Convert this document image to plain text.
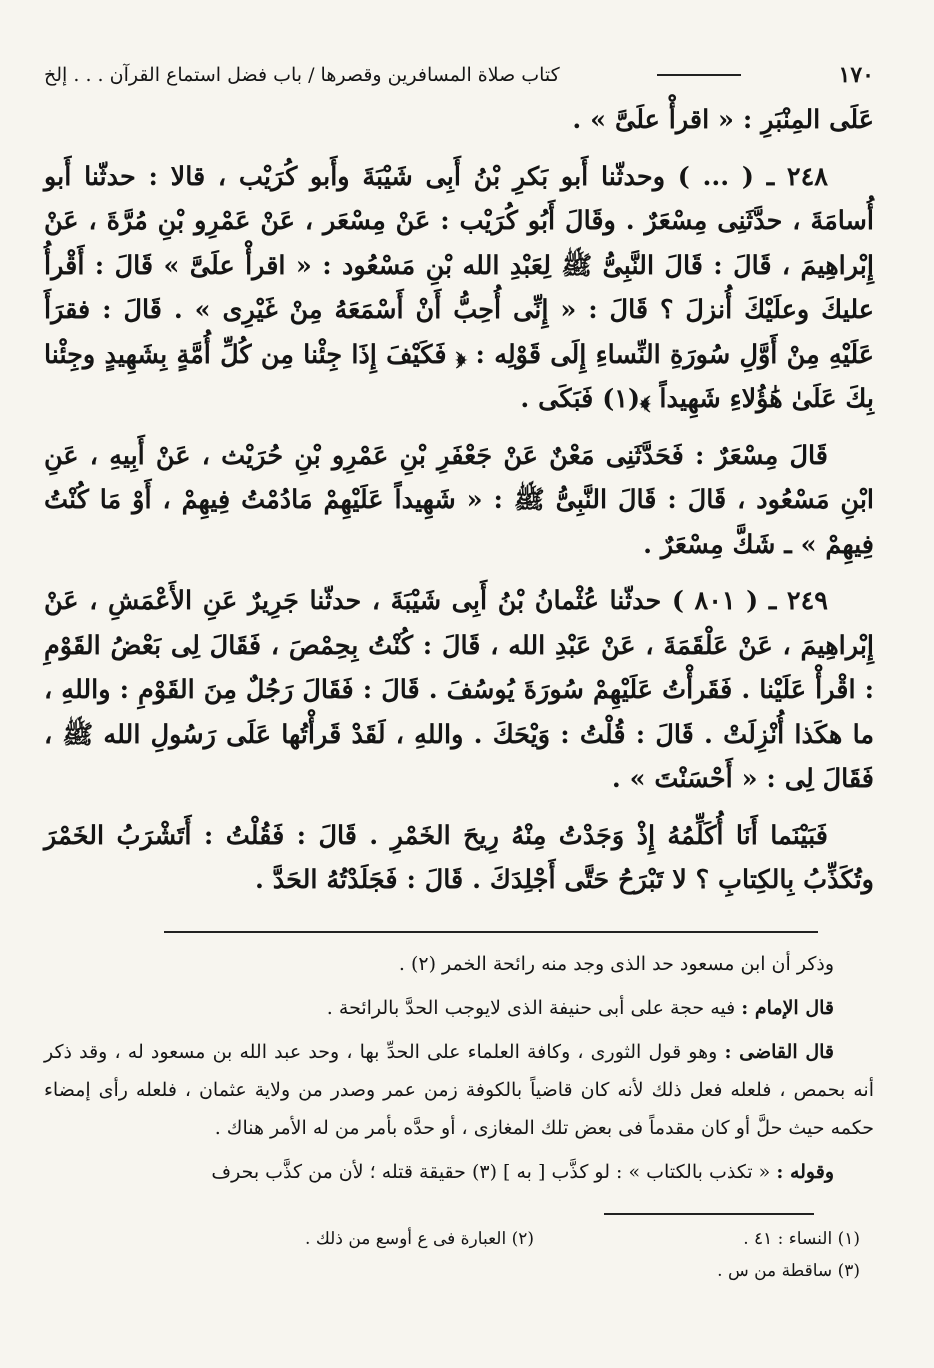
١٧٠
كتاب صلاة المسافرين وقصرها / باب فضل استماع القرآن . . . إلخ

عَلَى المِنْبَرِ : « اقرأْ علَىَّ » .

٢٤٨ ـ ( ... ) وحدثّنا أَبو بَكرِ بْنُ أَبِى شَيْبَةَ وأَبو كُرَيْب ، قالا : حدثّنا أَبو أُسامَةَ ، حدَّثَنِى مِسْعَرٌ . وقَالَ أَبُو كُرَيْب : عَنْ مِسْعَر ، عَنْ عَمْرِو بْنِ مُرَّةَ ، عَنْ إِبْراهِيمَ ، قَالَ : قَالَ النَّبِىُّ ﷺ لِعَبْدِ الله بْنِ مَسْعُود : « اقرأْ علَىَّ » قَالَ : أَقْرأُ عليكَ وعلَيْكَ أُنزلَ ؟ قَالَ : « إِنِّى أُحِبُّ أَنْ أَسْمَعَهُ مِنْ غَيْرِى » . قَالَ : فقرَأَ عَلَيْهِ مِنْ أَوَّلِ سُورَةِ النِّساءِ إِلَى قَوْلِه : ﴿ فَكَيْفَ إِذَا جِئْنا مِن كُلِّ أُمَّةٍ بِشَهِيدٍ وجِئْنا بِكَ عَلَىٰ هَٰؤُلاءِ شَهِيداً ﴾(١) فَبَكَى .

قَالَ مِسْعَرٌ : فَحَدَّثَنِى مَعْنٌ عَنْ جَعْفَرِ بْنِ عَمْرِو بْنِ حُرَيْث ، عَنْ أَبِيهِ ، عَنِ ابْنِ مَسْعُود ، قَالَ : قَالَ النَّبِىُّ ﷺ : « شَهِيداً عَلَيْهِمْ مَادُمْتُ فِيهِمْ ، أَوْ مَا كُنْتُ فِيهِمْ » ـ شَكَّ مِسْعَرٌ .

٢٤٩ ـ ( ٨٠١ ) حدثّنا عُثْمانُ بْنُ أَبِى شَيْبَةَ ، حدثّنا جَرِيرٌ عَنِ الأَعْمَشِ ، عَنْ إِبْراهِيمَ ، عَنْ عَلْقَمَةَ ، عَنْ عَبْدِ الله ، قَالَ : كُنْتُ بِحِمْصَ ، فَقَالَ لِى بَعْضُ القَوْمِ : اقْرأْ عَلَيْنا . فَقَرأْتُ عَلَيْهِمْ سُورَةَ يُوسُفَ . قَالَ : فَقَالَ رَجُلٌ مِنَ القَوْمِ : واللهِ ، ما هكَذا أُنْزِلَتْ . قَالَ : قُلْتُ : وَيْحَكَ . واللهِ ، لَقَدْ قَرأْتُها عَلَى رَسُولِ الله ﷺ ، فَقَالَ لِى : « أَحْسَنْتَ » .

فَبَيْنَما أَنَا أُكَلِّمُهُ إِذْ وَجَدْتُ مِنْهُ رِيحَ الخَمْرِ . قَالَ : فَقُلْتُ : أَتَشْرَبُ الخَمْرَ وتُكَذِّبُ بِالكِتابِ ؟ لا تَبْرَحُ حَتَّى أَجْلِدَكَ . قَالَ : فَجَلَدْتُهُ الحَدَّ .

وذكر أن ابن مسعود حد الذى وجد منه رائحة الخمر (٢) .

قال الإمام : فيه حجة على أبى حنيفة الذى لايوجب الحدَّ بالرائحة .

قال القاضى : وهو قول الثورى ، وكافة العلماء على الحدِّ بها ، وحد عبد الله بن مسعود له ، وقد ذكر أنه بحمص ، فلعله فعل ذلك لأنه كان قاضياً بالكوفة زمن عمر وصدر من ولاية عثمان ، فلعله رأى إمضاء حكمه حيث حلَّ أو كان مقدماً فى بعض تلك المغازى ، أو حدَّه بأمر من له الأمر هناك .

وقوله : « تكذب بالكتاب » : لو كذَّب [ به ] (٣) حقيقة قتله ؛ لأن من كذَّب بحرف

(١) النساء : ٤١ .
(٢) العبارة فى ع أوسع من ذلك .
(٣) ساقطة من س .
